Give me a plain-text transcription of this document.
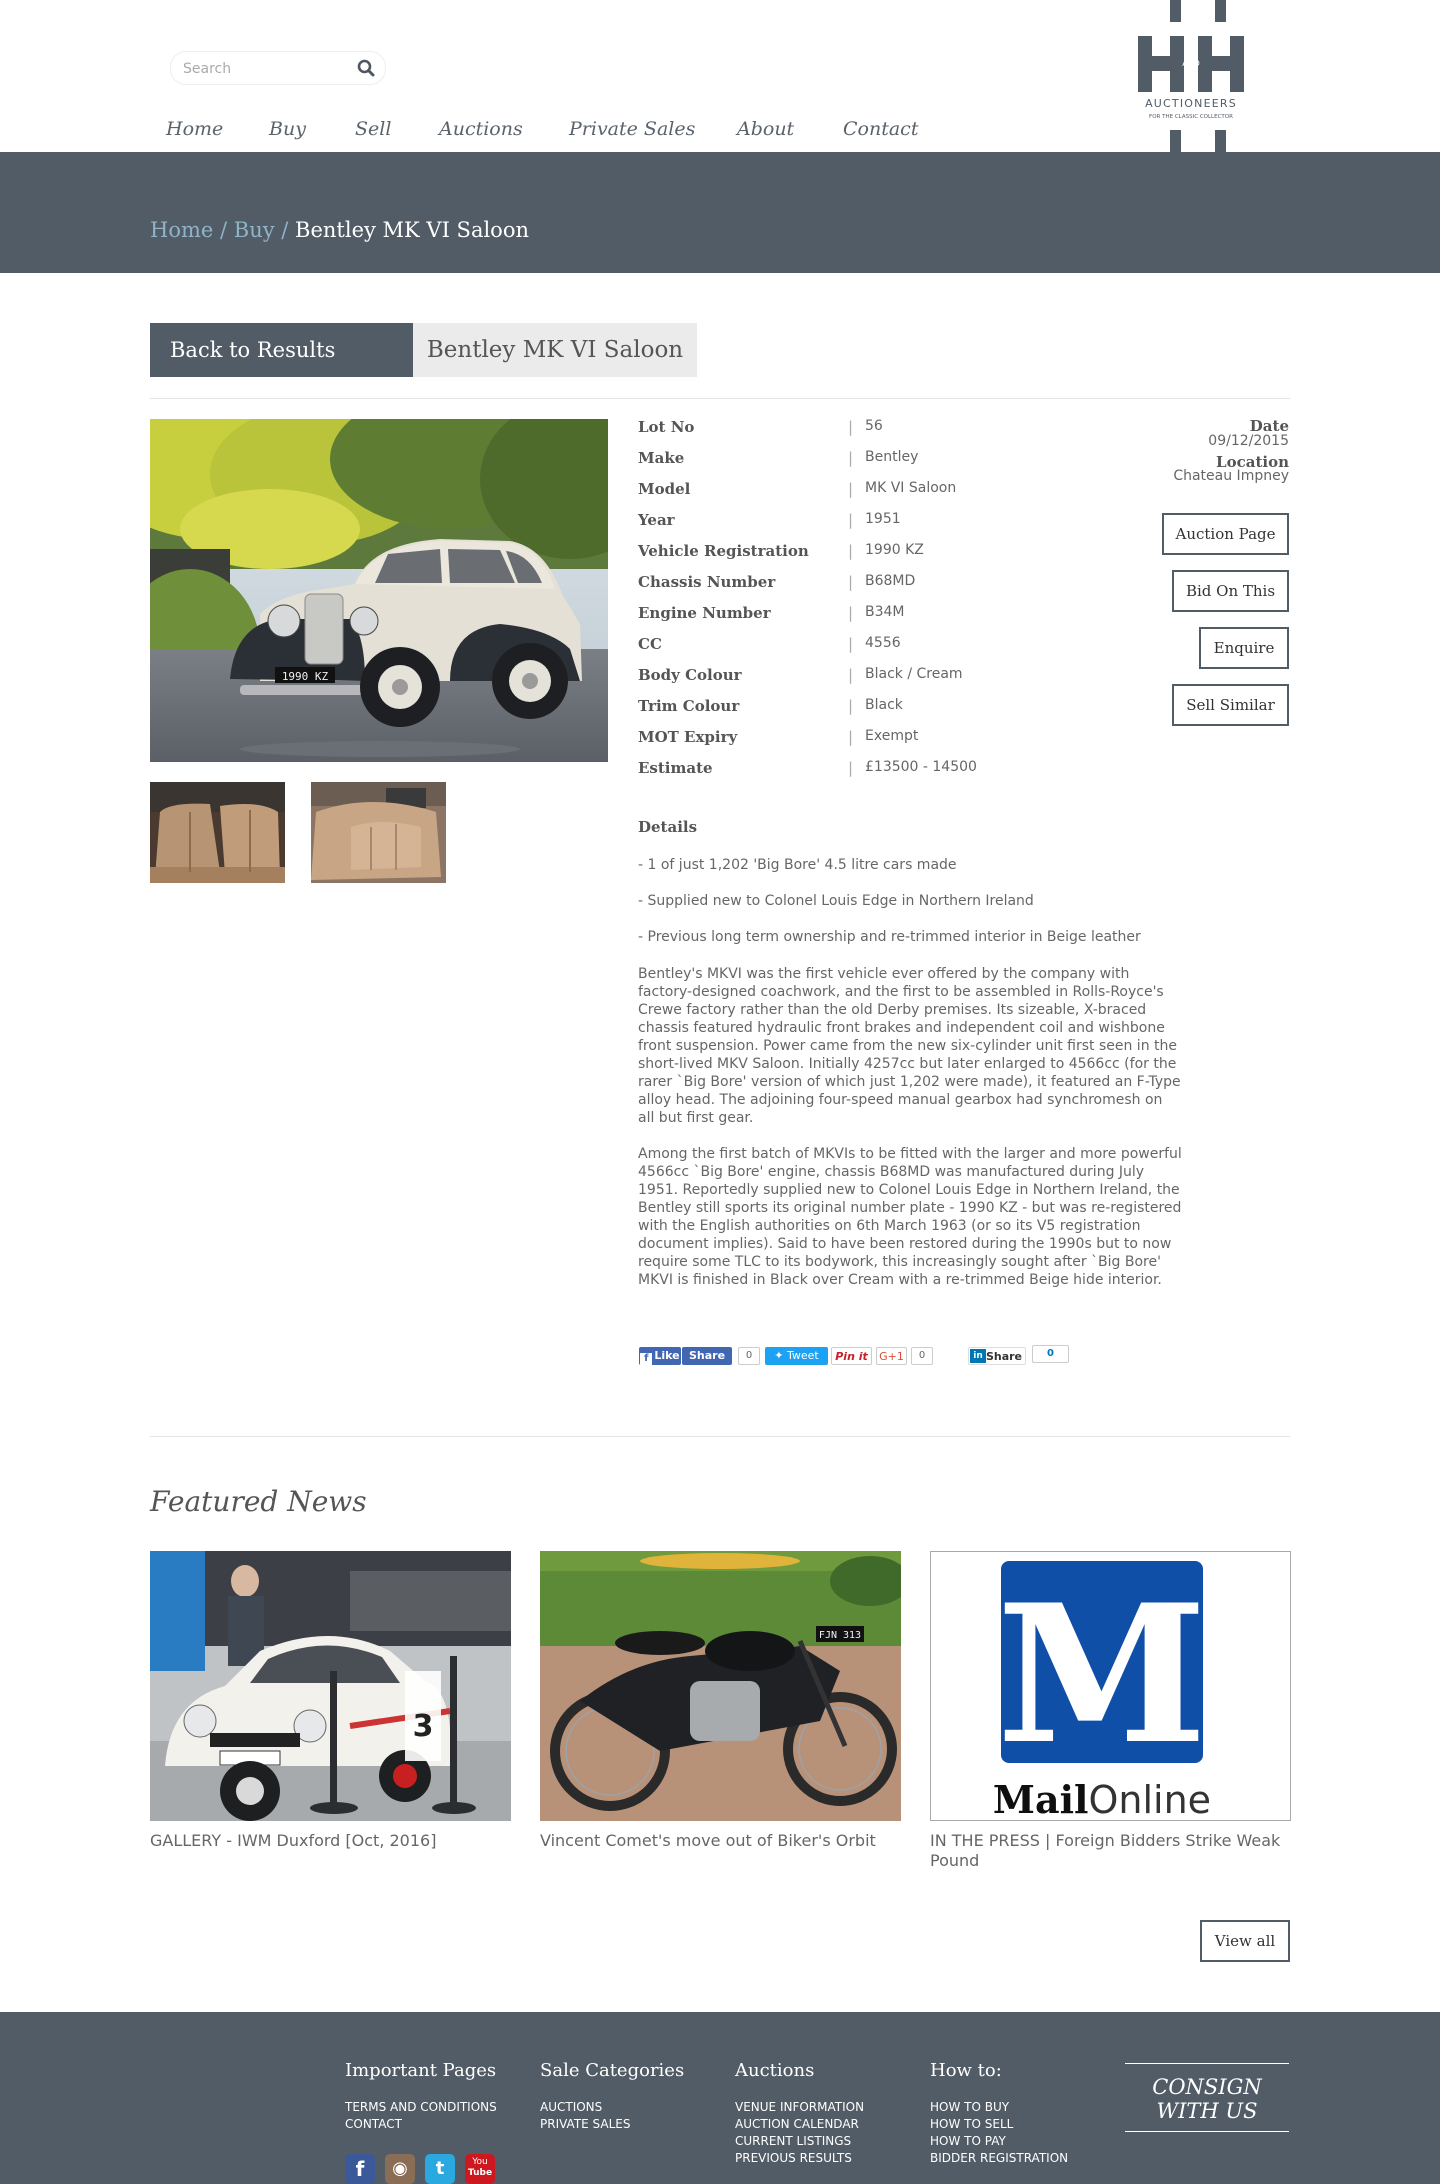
Search
Home Buy	Sell	Auctions Private Sales About	Contact
AND
AUCTIONEERS
FOR THE CLASSIC COLLECTOR
Home / Buy / Bentley MK VI Saloon
Back to Results	Bentley MK VI Saloon
1990 KZ
Lot No	| 56
Make	| Bentley
Model	| MK VI Saloon
Year	| 1951
Vehicle Registration	| 1990 KZ
Chassis Number	| B68MD
Engine Number	| B34M
CC	| 4556
Body Colour	| Black / Cream
Trim Colour	| Black
MOT Expiry	| Exempt
Estimate	| £13500 - 14500
Date
09/12/2015
Location
Chateau Impney
Auction Page
Bid On This
Enquire
Sell Similar
Details
- 1 of just 1,202 'Big Bore' 4.5 litre cars made
- Supplied new to Colonel Louis Edge in Northern Ireland
- Previous long term ownership and re-trimmed interior in Beige leather

Bentley's MKVI was the first vehicle ever offered by the company with factory-designed coachwork, and the first to be assembled in Rolls-Royce's Crewe factory rather than the old Derby premises. Its sizeable, X-braced chassis featured hydraulic front brakes and independent coil and wishbone front suspension. Power came from the new six-cylinder unit first seen in the short-lived MKV Saloon. Initially 4257cc but later enlarged to 4566cc (for the rarer `Big Bore' version of which just 1,202 were made), it featured an F-Type alloy head. The adjoining four-speed manual gearbox had synchromesh on all but first gear.

Among the first batch of MKVIs to be fitted with the larger and more powerful 4566cc `Big Bore' engine, chassis B68MD was manufactured during July 1951. Reportedly supplied new to Colonel Louis Edge in Northern Ireland, the Bentley still sports its original number plate - 1990 KZ - but was re-registered with the English authorities on 6th March 1963 (or so its V5 registration document implies). Said to have been restored during the 1990s but to now require some TLC to its bodywork, this increasingly sought after `Big Bore' MKVI is finished in Black over Cream with a re-trimmed Beige hide interior.

f Like Share	0	✦ Tweet	Pin it	G+1	0	in Share	0
Featured News
3
GALLERY - IWM Duxford [Oct, 2016]
FJN 313
Vincent Comet's move out of Biker's Orbit
M
MailOnline
IN THE PRESS | Foreign Bidders Strike Weak Pound
View all
Important Pages
TERMS AND CONDITIONS
CONTACT
Sale Categories
AUCTIONS
PRIVATE SALES
Auctions
VENUE INFORMATION
AUCTION CALENDAR
CURRENT LISTINGS
PREVIOUS RESULTS
How to:
HOW TO BUY
HOW TO SELL
HOW TO PAY
BIDDER REGISTRATION
CONSIGN
WITH US
f	◉	t	You
Tube
